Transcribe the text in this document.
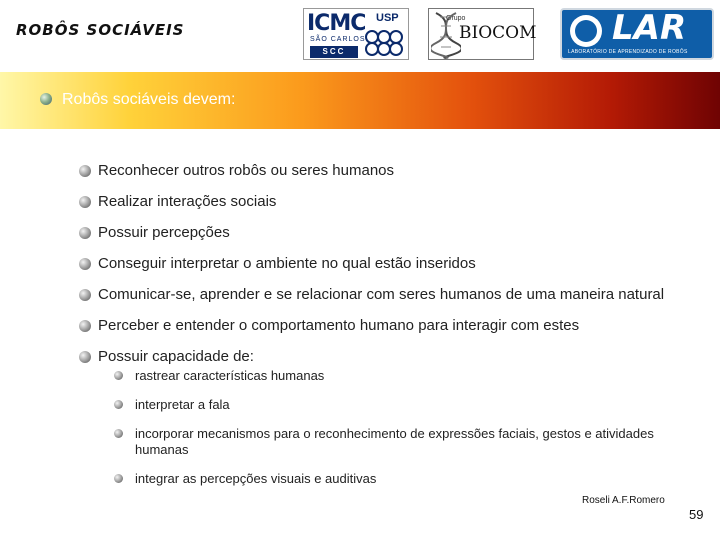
ROBÔS SOCIÁVEIS	ICMC USP
SÃO CARLOS
SCC
Grupo
BIOCOM LAR
LABORATÓRIO DE APRENDIZADO DE ROBÔS
Robôs sociáveis devem:
Reconhecer outros robôs ou seres humanos
Realizar interações sociais
Possuir percepções
Conseguir interpretar o ambiente no qual estão inseridos
Comunicar-se, aprender e se relacionar com seres humanos de uma maneira natural
Perceber e entender o comportamento humano para interagir com estes
Possuir capacidade de:
rastrear características humanas
interpretar a fala
incorporar mecanismos para o reconhecimento de expressões faciais, gestos e atividades humanas
integrar as percepções visuais e auditivas
Roseli A.F.Romero
59
